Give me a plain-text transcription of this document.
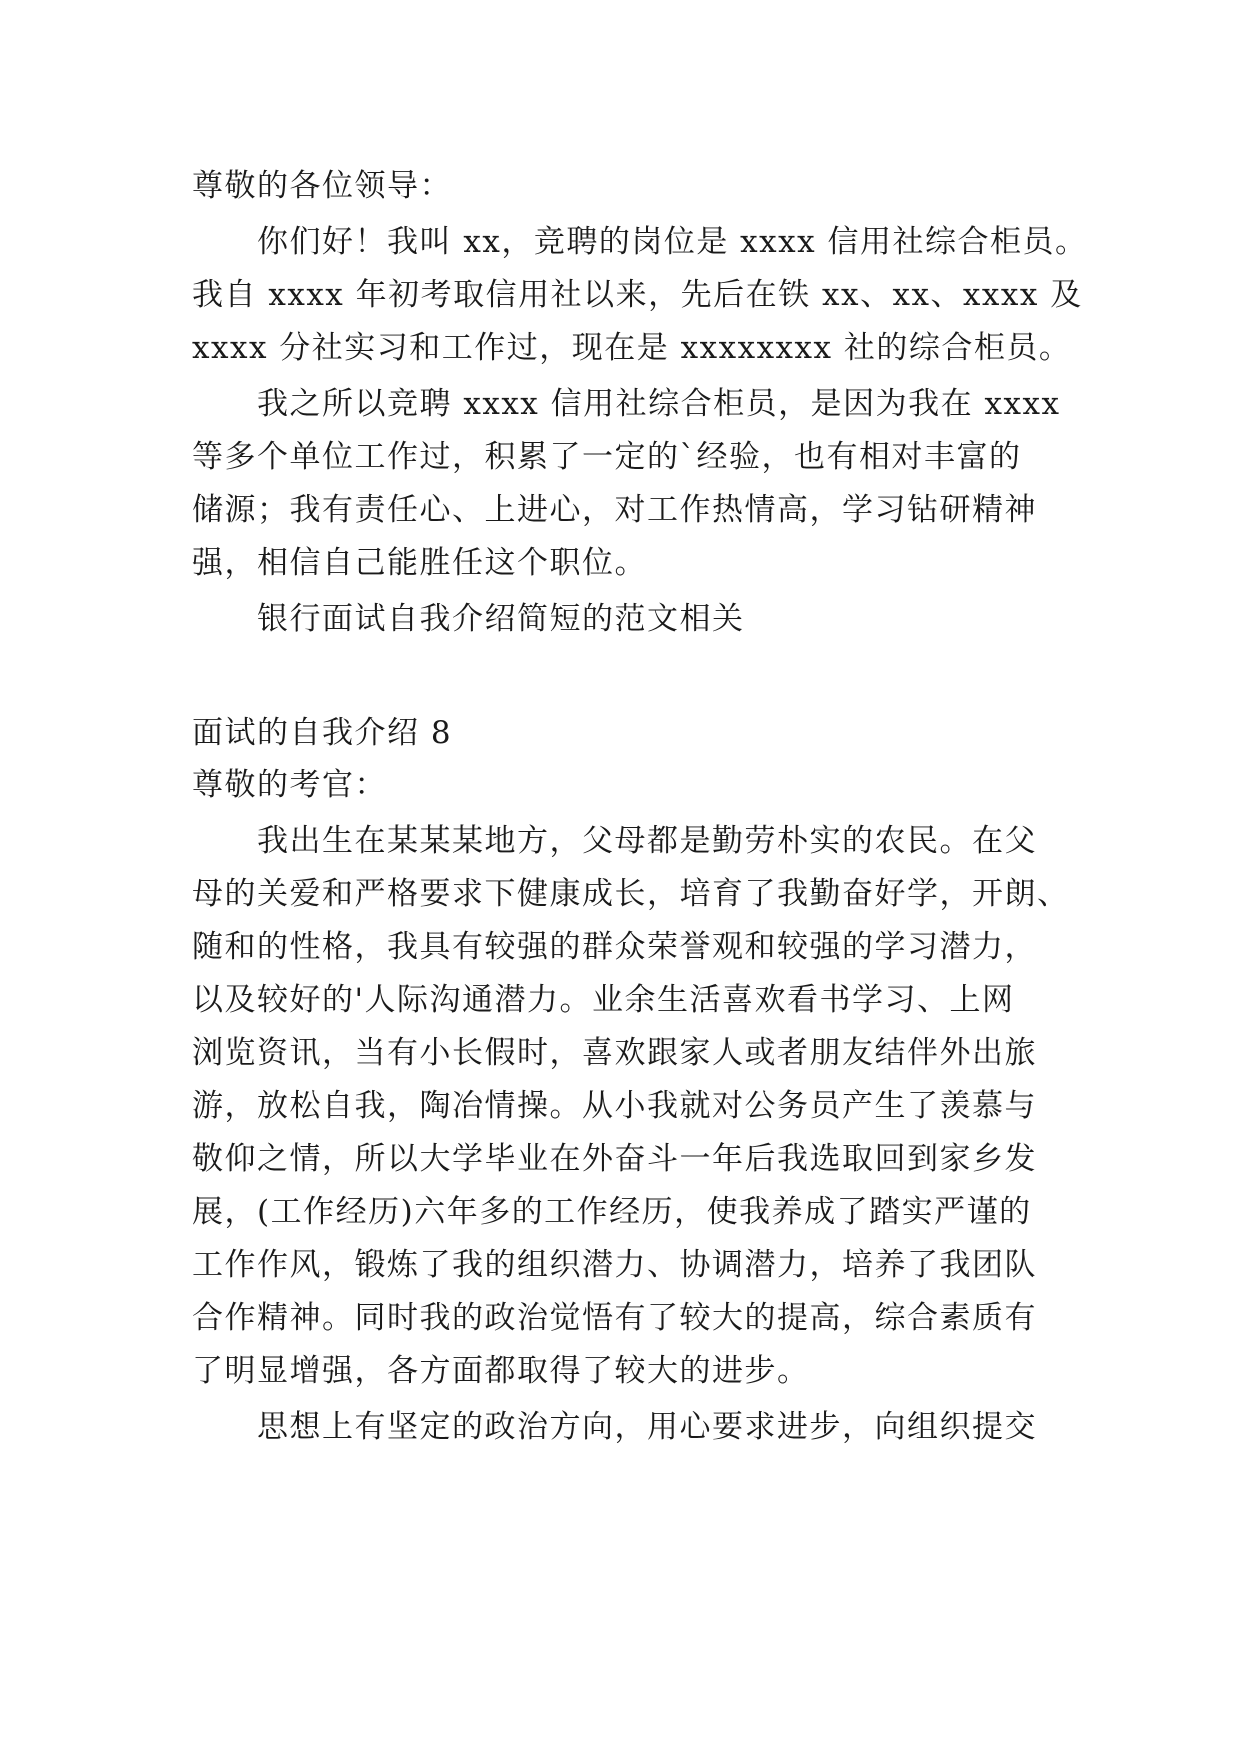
尊敬的各位领导：
你们好！我叫 xx，竞聘的岗位是 xxxx 信用社综合柜员。
我自 xxxx 年初考取信用社以来，先后在铁 xx、xx、xxxx 及
xxxx 分社实习和工作过，现在是 xxxxxxxx 社的综合柜员。
我之所以竞聘 xxxx 信用社综合柜员，是因为我在 xxxx
等多个单位工作过，积累了一定的`经验，也有相对丰富的
储源；我有责任心、上进心，对工作热情高，学习钻研精神
强，相信自己能胜任这个职位。
银行面试自我介绍简短的范文相关
面试的自我介绍 8
尊敬的考官：
我出生在某某某地方，父母都是勤劳朴实的农民。在父
母的关爱和严格要求下健康成长，培育了我勤奋好学，开朗、
随和的性格，我具有较强的群众荣誉观和较强的学习潜力，
以及较好的'人际沟通潜力。业余生活喜欢看书学习、上网
浏览资讯，当有小长假时，喜欢跟家人或者朋友结伴外出旅
游，放松自我，陶冶情操。从小我就对公务员产生了羡慕与
敬仰之情，所以大学毕业在外奋斗一年后我选取回到家乡发
展，(工作经历)六年多的工作经历，使我养成了踏实严谨的
工作作风，锻炼了我的组织潜力、协调潜力，培养了我团队
合作精神。同时我的政治觉悟有了较大的提高，综合素质有
了明显增强，各方面都取得了较大的进步。
思想上有坚定的政治方向，用心要求进步，向组织提交
